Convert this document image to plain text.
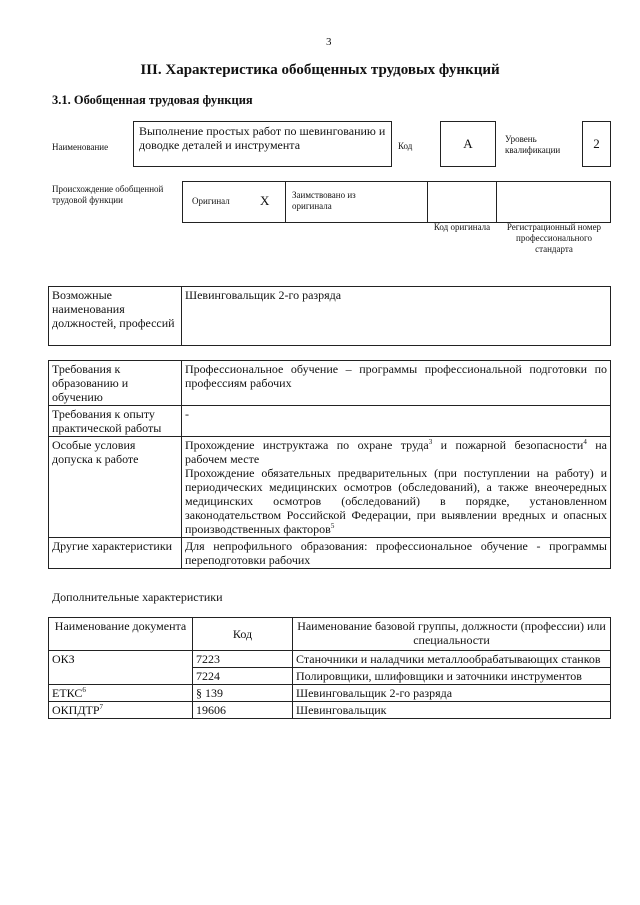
3
III. Характеристика обобщенных трудовых функций
3.1. Обобщенная трудовая функция
Наименование
Выполнение простых работ по шевингованию и доводке деталей и инструмента	Код	А	Уровень квалификации	2
Происхождение обобщенной трудовой функции	Оригинал Х	Заимствовано из оригинала
Код оригинала	Регистрационный номер профессионального стандарта
Возможные наименования должностей, профессий	Шевинговальщик 2-го разряда
Требования к образованию и обучению	Профессиональное обучение – программы профессиональной подготовки по профессиям рабочих
Требования к опыту практической работы	-
Особые условия допуска к работе	Прохождение инструктажа по охране труда$^3$ и пожарной безопасности$^4$ на рабочем месте
Прохождение обязательных предварительных (при поступлении на работу) и периодических медицинских осмотров (обследований), а также внеочередных медицинских осмотров (обследований) в порядке, установленном законодательством Российской Федерации, при выявлении вредных и опасных производственных факторов$^5$

Другие характеристики	Для непрофильного образования: профессиональное обучение - программы переподготовки рабочих
Дополнительные характеристики
Наименование документа	Код	Наименование базовой группы, должности (профессии) или специальности
ОКЗ	7223	Станочники и наладчики металлообрабатывающих станков
	7224	Полировщики, шлифовщики и заточники инструментов
ЕТКС$^6$	§ 139	Шевинговальщик 2-го разряда
ОКПДТР$^7$	19606	Шевинговальщик
